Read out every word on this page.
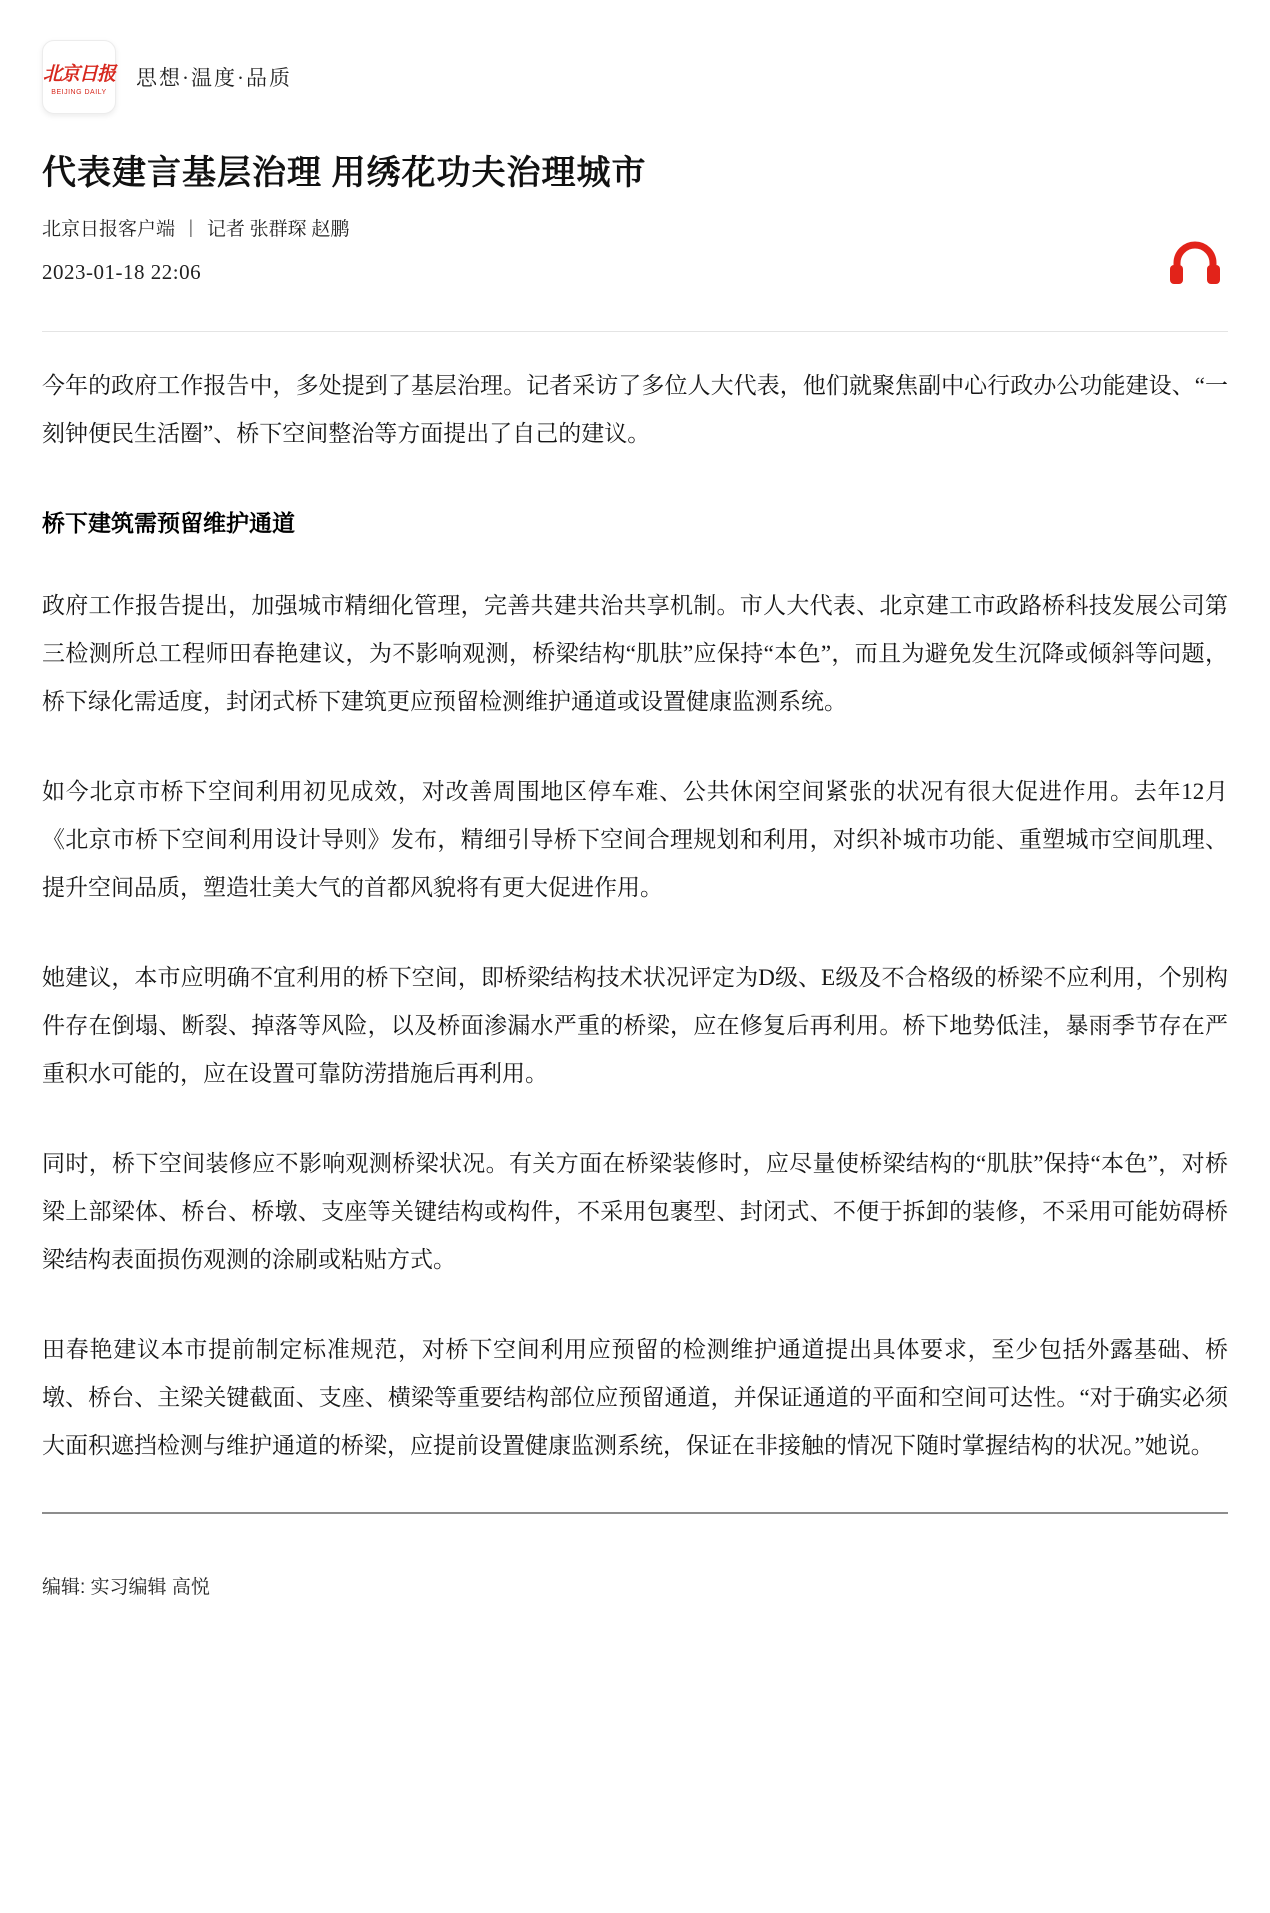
北京日报
BEIJING DAILY
思想·温度·品质
代表建言基层治理 用绣花功夫治理城市
北京日报客户端 | 记者 张群琛 赵鹏
2023-01-18 22:06

今年的政府工作报告中，多处提到了基层治理。记者采访了多位人大代表，他们就聚焦副中心行政办公功能建设、“一刻钟便民生活圈”、桥下空间整治等方面提出了自己的建议。

桥下建筑需预留维护通道

政府工作报告提出，加强城市精细化管理，完善共建共治共享机制。市人大代表、北京建工市政路桥科技发展公司第三检测所总工程师田春艳建议，为不影响观测，桥梁结构“肌肤”应保持“本色”，而且为避免发生沉降或倾斜等问题，桥下绿化需适度，封闭式桥下建筑更应预留检测维护通道或设置健康监测系统。

如今北京市桥下空间利用初见成效，对改善周围地区停车难、公共休闲空间紧张的状况有很大促进作用。去年12月《北京市桥下空间利用设计导则》发布，精细引导桥下空间合理规划和利用，对织补城市功能、重塑城市空间肌理、提升空间品质，塑造壮美大气的首都风貌将有更大促进作用。

她建议，本市应明确不宜利用的桥下空间，即桥梁结构技术状况评定为D级、E级及不合格级的桥梁不应利用，个别构件存在倒塌、断裂、掉落等风险，以及桥面渗漏水严重的桥梁，应在修复后再利用。桥下地势低洼，暴雨季节存在严重积水可能的，应在设置可靠防涝措施后再利用。

同时，桥下空间装修应不影响观测桥梁状况。有关方面在桥梁装修时，应尽量使桥梁结构的“肌肤”保持“本色”，对桥梁上部梁体、桥台、桥墩、支座等关键结构或构件，不采用包裹型、封闭式、不便于拆卸的装修，不采用可能妨碍桥梁结构表面损伤观测的涂刷或粘贴方式。

田春艳建议本市提前制定标准规范，对桥下空间利用应预留的检测维护通道提出具体要求，至少包括外露基础、桥墩、桥台、主梁关键截面、支座、横梁等重要结构部位应预留通道，并保证通道的平面和空间可达性。“对于确实必须大面积遮挡检测与维护通道的桥梁，应提前设置健康监测系统，保证在非接触的情况下随时掌握结构的状况。”她说。

编辑: 实习编辑 高悦
